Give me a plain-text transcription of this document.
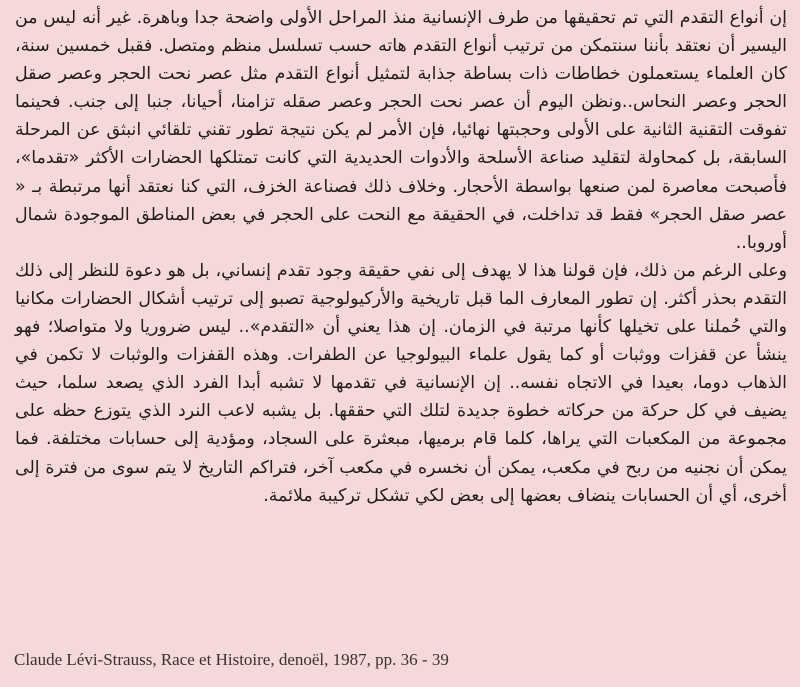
إن أنواع التقدم التي تم تحقيقها من طرف الإنسانية منذ المراحل الأولى واضحة جدا وباهرة. غير أنه ليس من اليسير أن نعتقد بأننا سنتمكن من ترتيب أنواع التقدم هاته حسب تسلسل منظم ومتصل. فقبل خمسين سنة، كان العلماء يستعملون خطاطات ذات بساطة جذابة لتمثيل أنواع التقدم مثل عصر نحت الحجر وعصر صقل الحجر وعصر النحاس..ونظن اليوم أن عصر نحت الحجر وعصر صقله تزامنا، أحيانا، جنبا إلى جنب. فحينما تفوقت التقنية الثانية على الأولى وحجبتها نهائيا، فإن الأمر لم يكن نتيجة تطور تقني تلقائي انبثق عن المرحلة السابقة، بل كمحاولة لتقليد صناعة الأسلحة والأدوات الحديدية التي كانت تمتلكها الحضارات الأكثر «تقدما»، فأصبحت معاصرة لمن صنعها بواسطة الأحجار. وخلاف ذلك فصناعة الخزف، التي كنا نعتقد أنها مرتبطة بـ « عصر صقل الحجر» فقط قد تداخلت، في الحقيقة مع النحت على الحجر في بعض المناطق الموجودة شمال أوروبا..

وعلى الرغم من ذلك، فإن قولنا هذا لا يهدف إلى نفي حقيقة وجود تقدم إنساني، بل هو دعوة للنظر إلى ذلك التقدم بحذر أكثر. إن تطور المعارف الما قبل تاريخية والأركيولوجية تصبو إلى ترتيب أشكال الحضارات مكانيا والتي حُملنا على تخيلها كأنها مرتبة في الزمان. إن هذا يعني أن «التقدم».. ليس ضروريا ولا متواصلا؛ فهو ينشأ عن قفزات ووثبات أو كما يقول علماء البيولوجيا عن الطفرات. وهذه القفزات والوثبات لا تكمن في الذهاب دوما، بعيدا في الاتجاه نفسه.. إن الإنسانية في تقدمها لا تشبه أبدا الفرد الذي يصعد سلما، حيث يضيف في كل حركة من حركاته خطوة جديدة لتلك التي حققها. بل يشبه لاعب النرد الذي يتوزع حظه على مجموعة من المكعبات التي يراها، كلما قام برميها، مبعثرة على السجاد، ومؤدية إلى حسابات مختلفة. فما يمكن أن نجنيه من ربح في مكعب، يمكن أن نخسره في مكعب آخر، فتراكم التاريخ لا يتم سوى من فترة إلى أخرى، أي أن الحسابات ينضاف بعضها إلى بعض لكي تشكل تركيبة ملائمة.

Claude Lévi-Strauss, Race et Histoire, denoël, 1987, pp. 36 - 39
